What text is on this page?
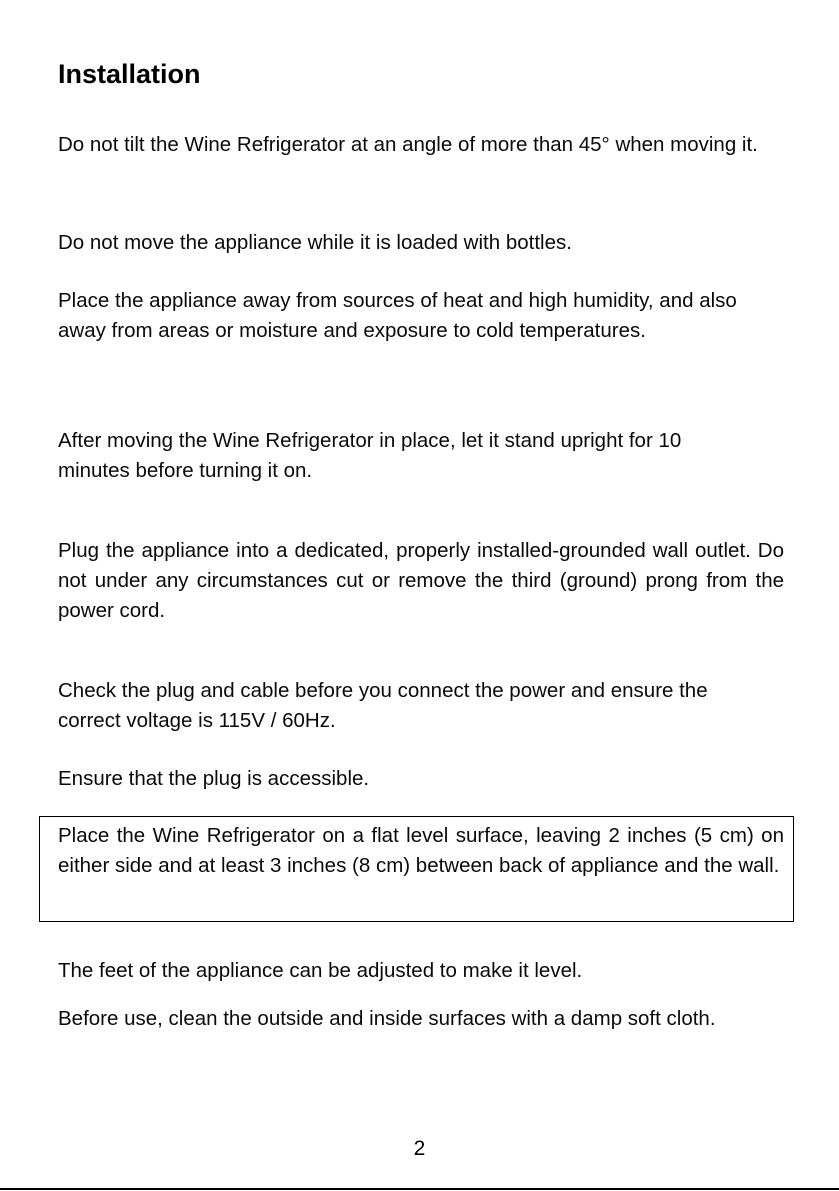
Installation

Do not tilt the Wine Refrigerator at an angle of more than 45° when moving it.

Do not move the appliance while it is loaded with bottles.

Place the appliance away from sources of heat and high humidity, and also away from areas or moisture and exposure to cold temperatures.

After moving the Wine Refrigerator in place, let it stand upright for 10 minutes before turning it on.

Plug the appliance into a dedicated, properly installed-grounded wall outlet. Do not under any circumstances cut or remove the third (ground) prong from the power cord.

Check the plug and cable before you connect the power and ensure the correct voltage is 115V / 60Hz.

Ensure that the plug is accessible.

Place the Wine Refrigerator on a flat level surface, leaving 2 inches (5 cm) on either side and at least 3 inches (8 cm) between back of appliance and the wall.

The feet of the appliance can be adjusted to make it level.

Before use, clean the outside and inside surfaces with a damp soft cloth.

2
